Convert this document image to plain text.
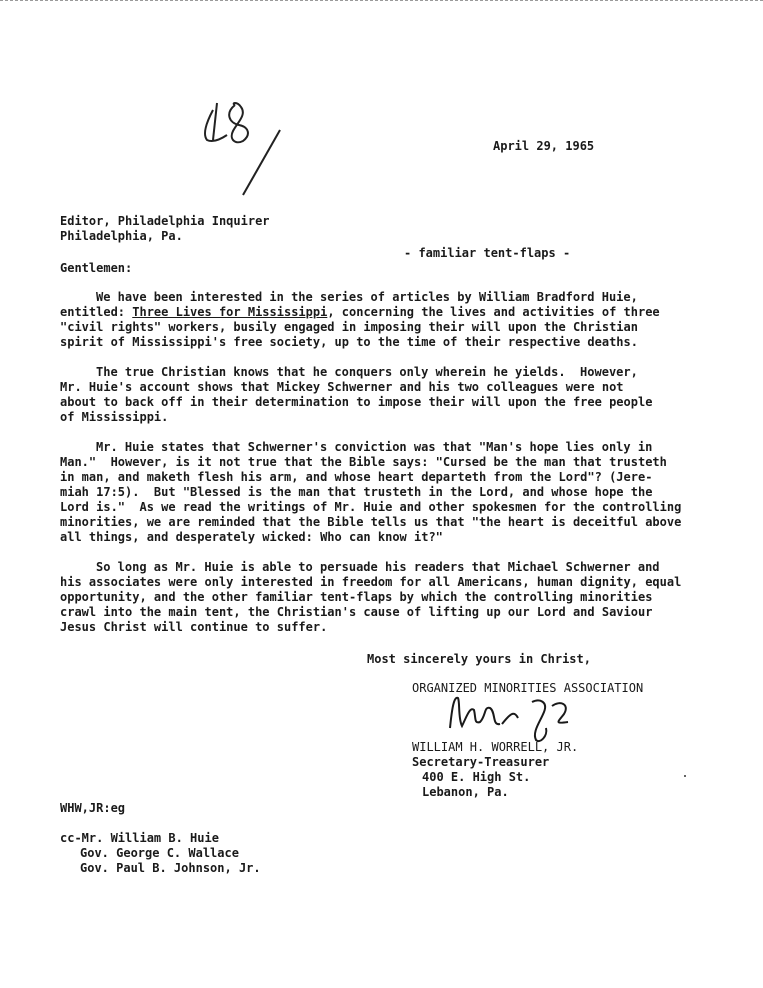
April 29, 1965
Editor, Philadelphia Inquirer
Philadelphia, Pa.
- familiar tent-flaps -
Gentlemen:
We have been interested in the series of articles by William Bradford Huie,
entitled: Three Lives for Mississippi, concerning the lives and activities of three
"civil rights" workers, busily engaged in imposing their will upon the Christian
spirit of Mississippi's free society, up to the time of their respective deaths.
The true Christian knows that he conquers only wherein he yields.  However,
Mr. Huie's account shows that Mickey Schwerner and his two colleagues were not
about to back off in their determination to impose their will upon the free people
of Mississippi.
Mr. Huie states that Schwerner's conviction was that "Man's hope lies only in
Man."  However, is it not true that the Bible says: "Cursed be the man that trusteth
in man, and maketh flesh his arm, and whose heart departeth from the Lord"? (Jere-
miah 17:5).  But "Blessed is the man that trusteth in the Lord, and whose hope the
Lord is."  As we read the writings of Mr. Huie and other spokesmen for the controlling
minorities, we are reminded that the Bible tells us that "the heart is deceitful above
all things, and desperately wicked: Who can know it?"
So long as Mr. Huie is able to persuade his readers that Michael Schwerner and
his associates were only interested in freedom for all Americans, human dignity, equal
opportunity, and the other familiar tent-flaps by which the controlling minorities
crawl into the main tent, the Christian's cause of lifting up our Lord and Saviour
Jesus Christ will continue to suffer.
Most sincerely yours in Christ,
ORGANIZED MINORITIES ASSOCIATION
WILLIAM H. WORRELL, JR.
Secretary-Treasurer
400 E. High St.
Lebanon, Pa.
WHW,JR:eg
cc-Mr. William B. Huie
Gov. George C. Wallace
Gov. Paul B. Johnson, Jr.
